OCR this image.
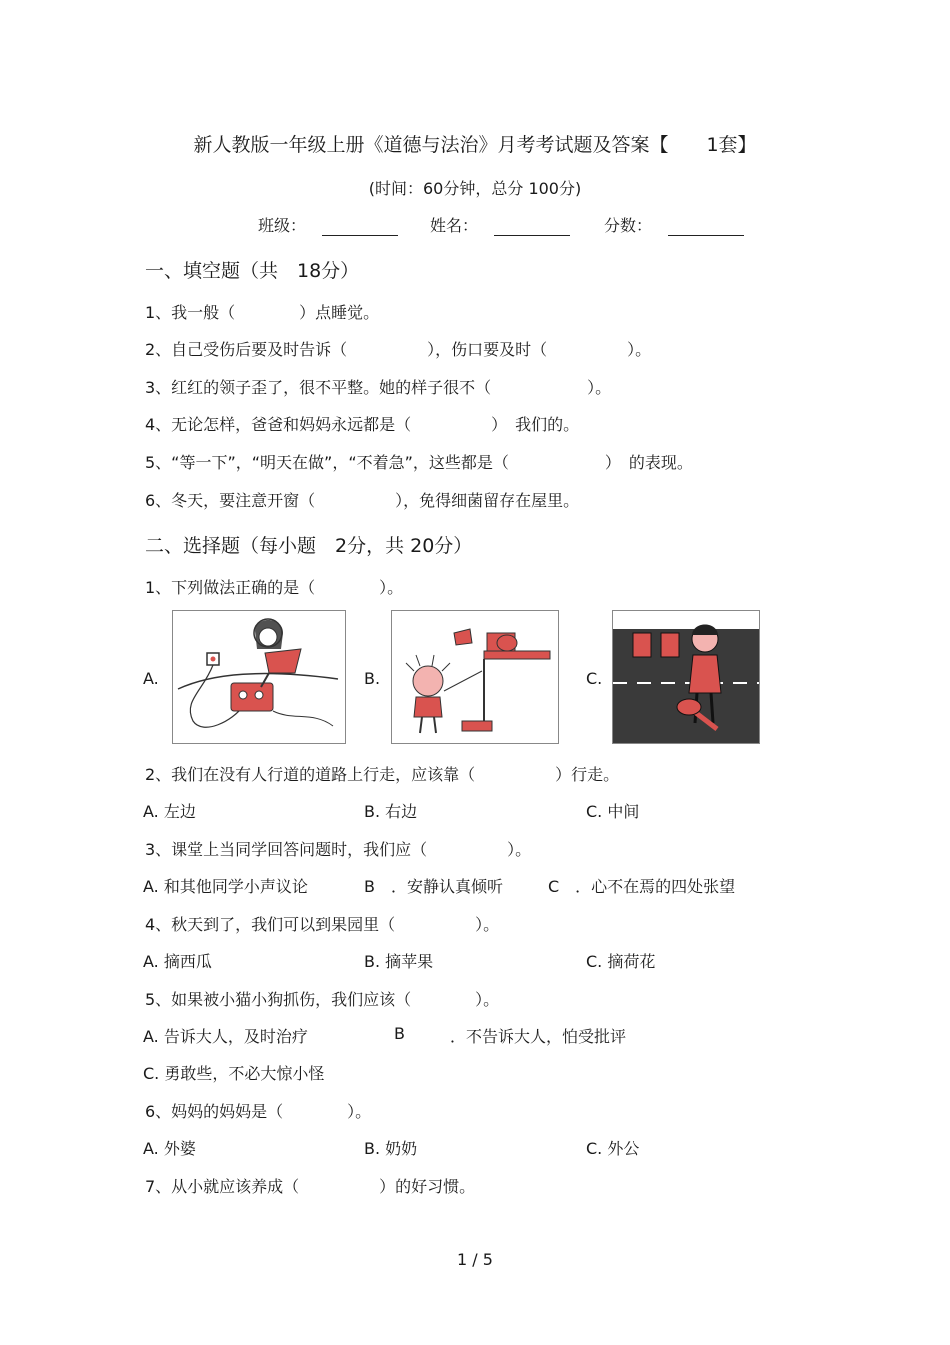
新人教版一年级上册《道德与法治》月考考试题及答案【　　1套】
(时间：60分钟，总分 100分)
班级：	姓名：	分数：
一、填空题（共　18分）
1、我一般（　　　　）点睡觉。
2、自己受伤后要及时告诉（　　　　　），伤口要及时（　　　　　）。
3、红红的领子歪了，很不平整。她的样子很不（　　　　　　）。
4、无论怎样，爸爸和妈妈永远都是（　　　　　）　我们的。
5、“等一下”，“明天在做”，“不着急”，这些都是（　　　　　　）　的表现。
6、冬天，要注意开窗（　　　　　），免得细菌留存在屋里。
二、选择题（每小题　2分，共 20分）
1、下列做法正确的是（　　　　）。
A.	B.	C.
2、我们在没有人行道的道路上行走，应该靠（　　　　　）行走。
A. 左边	B. 右边	C. 中间
3、课堂上当同学回答问题时，我们应（　　　　　）。
A. 和其他同学小声议论	B　．安静认真倾听	C　．心不在焉的四处张望
4、秋天到了，我们可以到果园里（　　　　　）。
A. 摘西瓜	B. 摘苹果	C. 摘荷花
5、如果被小猫小狗抓伤，我们应该（　　　　）。
A. 告诉大人，及时治疗	B	．不告诉大人，怕受批评
C. 勇敢些，不必大惊小怪
6、妈妈的妈妈是（　　　　）。
A. 外婆	B. 奶奶	C. 外公
7、从小就应该养成（　　　　　）的好习惯。
1 / 5
